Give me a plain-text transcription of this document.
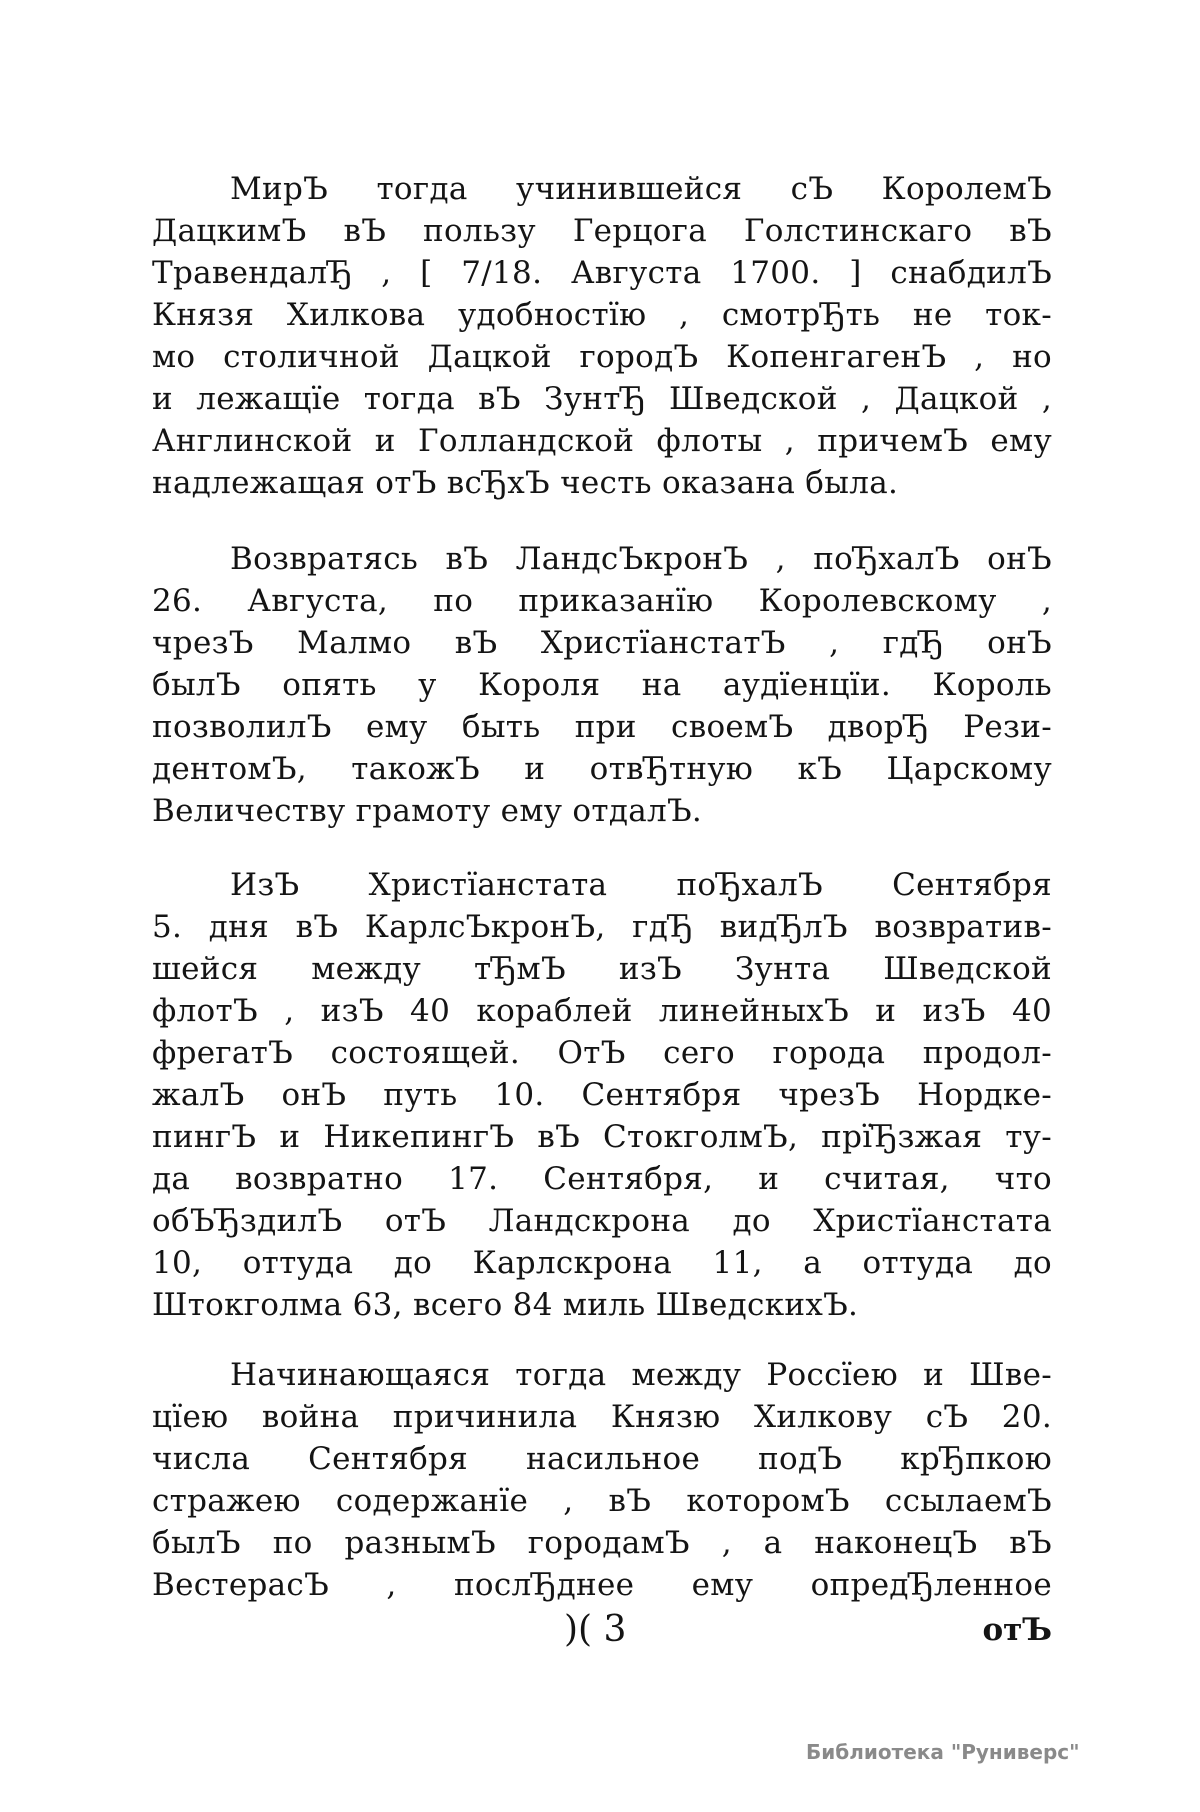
МирЪ тогда учинившейся сЪ КоролемЪ
ДацкимЪ вЪ пользу Герцога Голстинскаго вЪ
ТравендалЂ , [ 7/18. Августа 1700. ] снабдилЪ
Князя Хилкова удобностїю , смотрЂть не ток-
мо столичной Дацкой городЪ КопенгагенЪ , но
и лежащїе тогда вЪ ЗунтЂ Шведской , Дацкой ,
Англинской и Голландской флоты , причемЪ ему
надлежащая отЪ всЂхЪ честь оказана была.
Возвратясь вЪ ЛандсЪкронЪ , поЂхалЪ онЪ
26. Августа, по приказанїю Королевскому ,
чрезЪ Малмо вЪ ХристїанстатЪ , гдЂ онЪ
былЪ опять у Короля на аудїенцїи. Король
позволилЪ ему быть при своемЪ дворЂ Рези-
дентомЪ, такожЪ и отвЂтную кЪ Царскому
Величеству грамоту ему отдалЪ.
ИзЪ Христїанстата поЂхалЪ Сентября
5. дня вЪ КарлсЪкронЪ, гдЂ видЂлЪ возвратив-
шейся между тЂмЪ изЪ Зунта Шведской
флотЪ , изЪ 40 кораблей линейныхЪ и изЪ 40
фрегатЪ состоящей. ОтЪ сего города продол-
жалЪ онЪ путь 10. Сентября чрезЪ Нордке-
пингЪ и НикепингЪ вЪ СтокголмЪ, прїЂзжая ту-
да возвратно 17. Сентября, и считая, что
обЪЂздилЪ отЪ Ландскрона до Христїанстата
10, оттуда до Карлскрона 11, а оттуда до
Штокголма 63, всего 84 миль ШведскихЪ.
Начинающаяся тогда между Россїею и Шве-
цїею война причинила Князю Хилкову сЪ 20.
числа Сентября насильное подЪ крЂпкою
стражею содержанїе , вЪ которомЪ ссылаемЪ
былЪ по разнымЪ городамЪ , а наконецЪ вЪ
ВестерасЪ , послЂднее ему опредЂленное
)( 3	отЪ
Библиотека "Руниверс"
